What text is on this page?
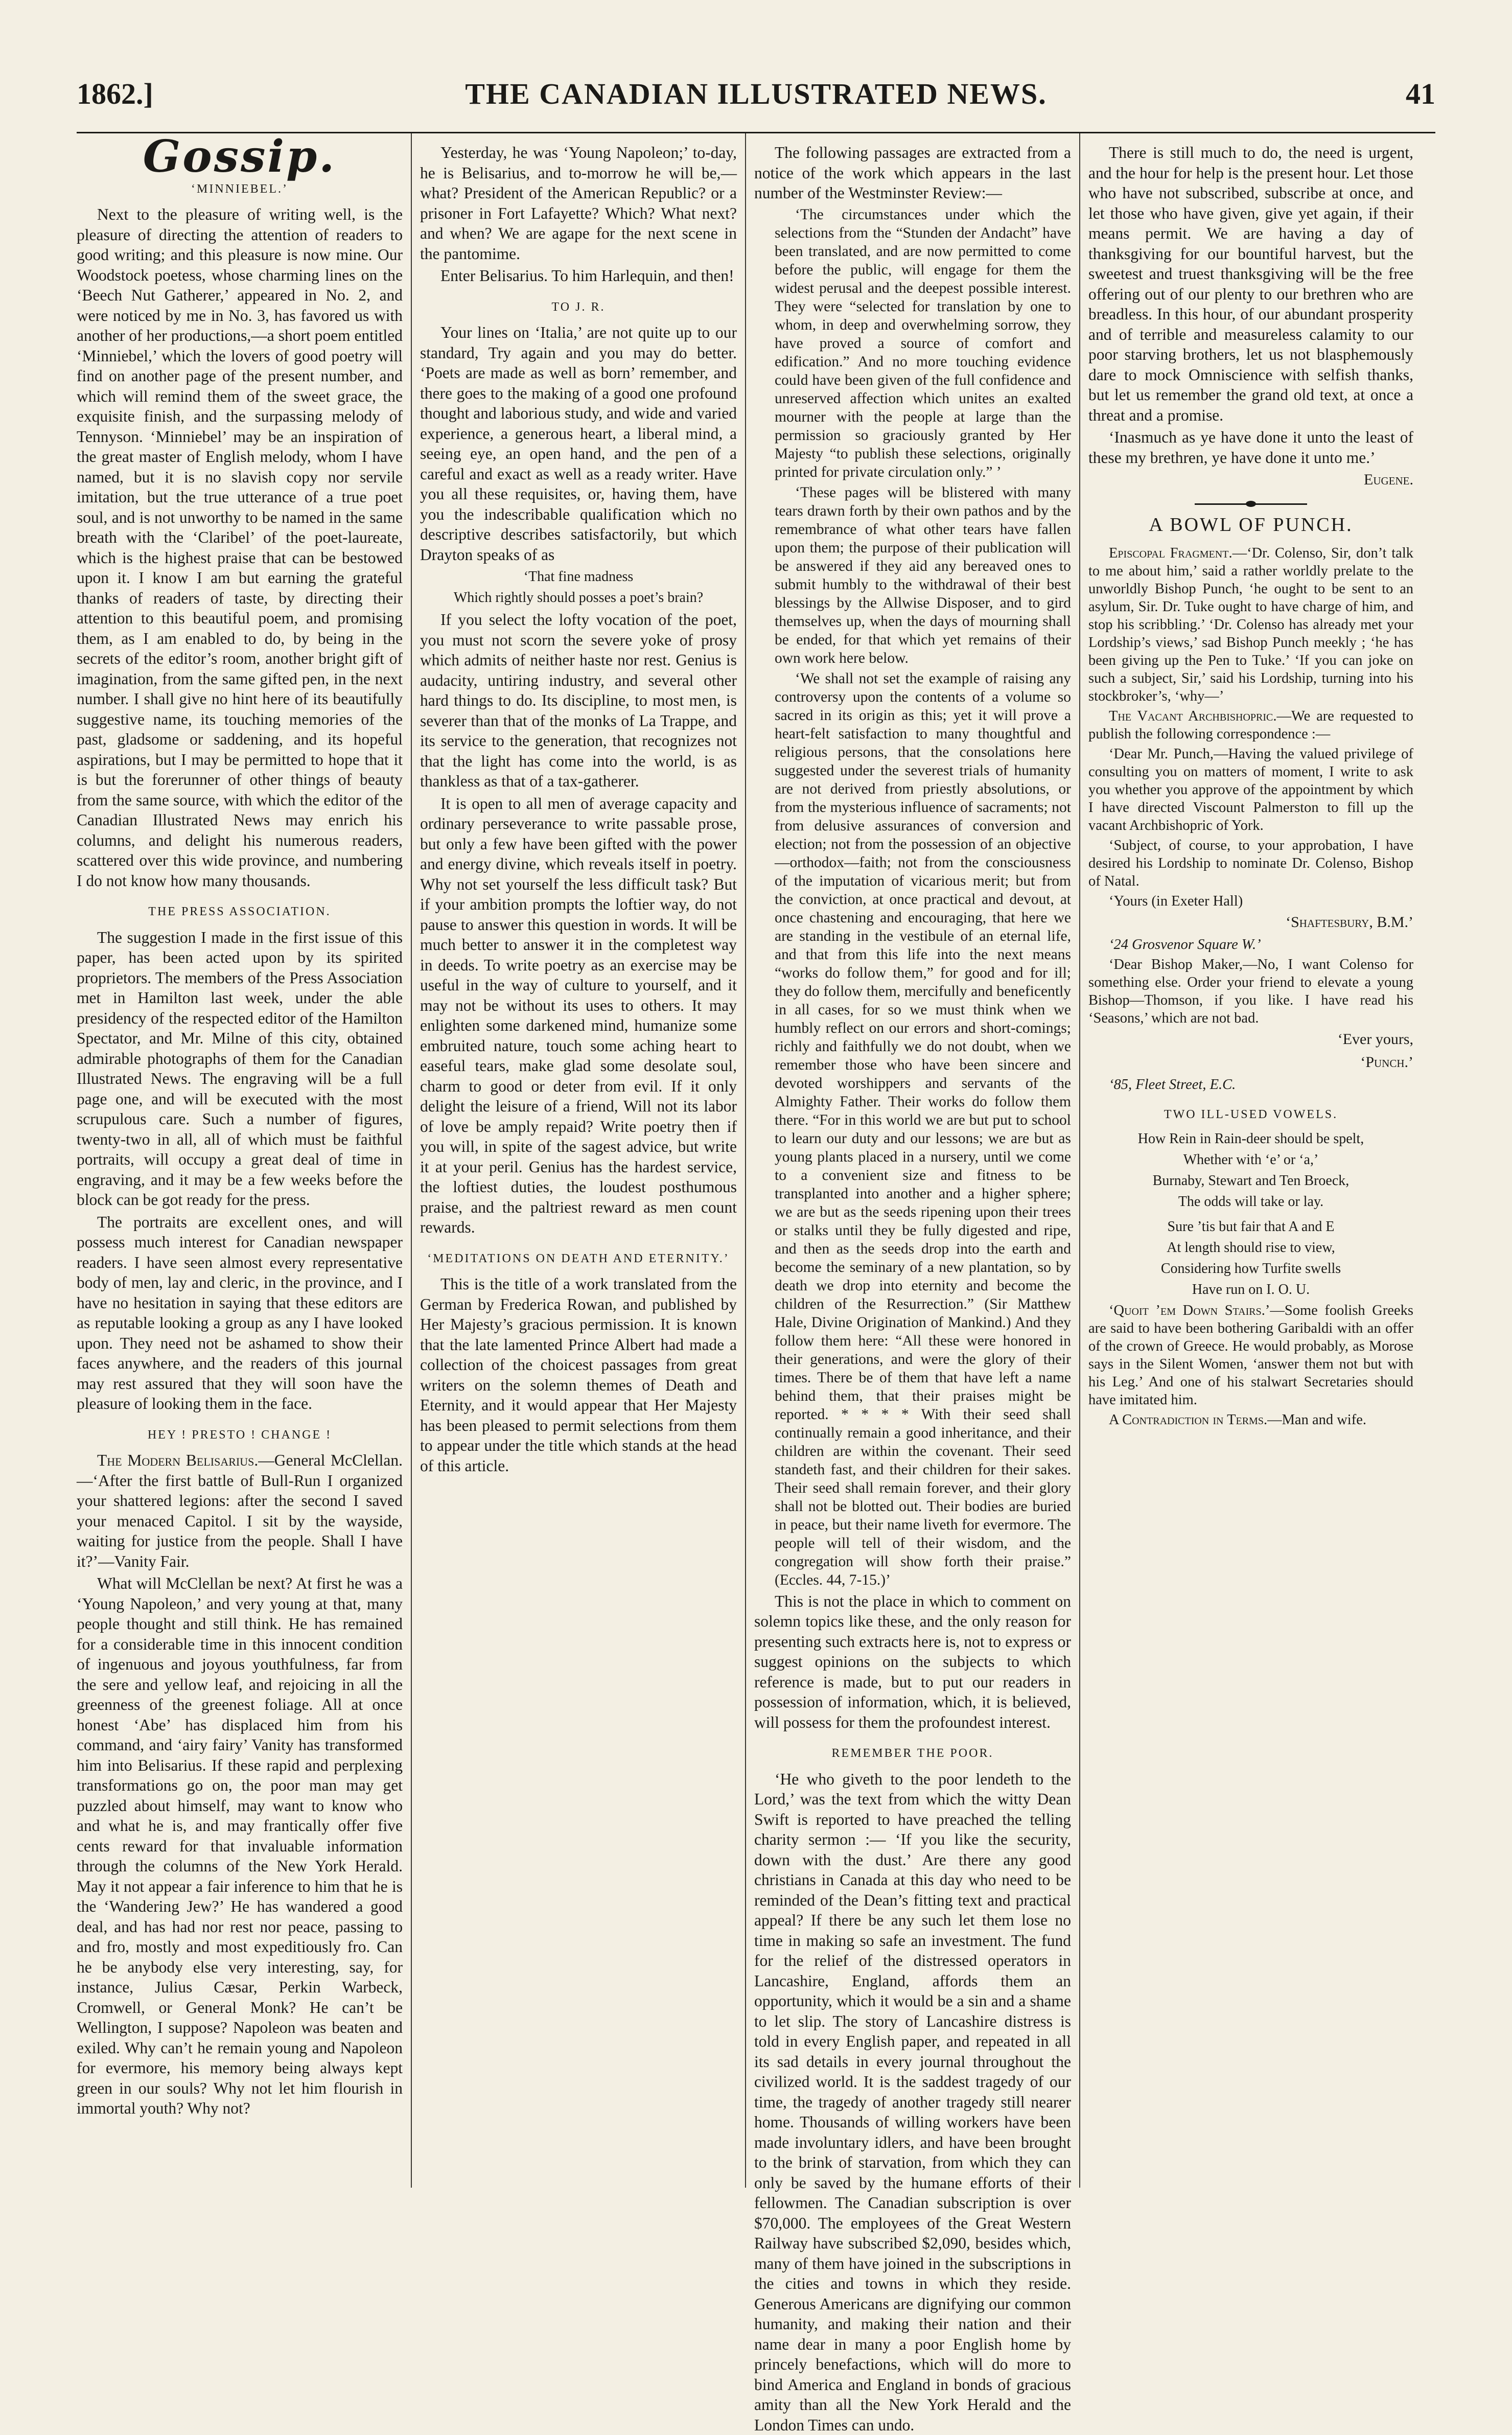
1862.]	THE CANADIAN ILLUSTRATED NEWS.	41
Gossip.
‘MINNIEBEL.’

Next to the pleasure of writing well, is the pleasure of directing the attention of readers to good writing; and this pleasure is now mine. Our Woodstock poetess, whose charming lines on the ‘Beech Nut Gatherer,’ appeared in No. 2, and were noticed by me in No. 3, has favored us with another of her productions,—a short poem entitled ‘Minniebel,’ which the lovers of good poetry will find on another page of the present number, and which will remind them of the sweet grace, the exquisite finish, and the surpassing melody of Tennyson. ‘Minniebel’ may be an inspiration of the great master of English melody, whom I have named, but it is no slavish copy nor servile imitation, but the true utterance of a true poet soul, and is not unworthy to be named in the same breath with the ‘Claribel’ of the poet-laureate, which is the highest praise that can be bestowed upon it. I know I am but earning the grateful thanks of readers of taste, by directing their attention to this beautiful poem, and promising them, as I am enabled to do, by being in the secrets of the editor’s room, another bright gift of imagination, from the same gifted pen, in the next number. I shall give no hint here of its beautifully suggestive name, its touching memories of the past, gladsome or saddening, and its hopeful aspirations, but I may be permitted to hope that it is but the forerunner of other things of beauty from the same source, with which the editor of the Canadian Illustrated News may enrich his columns, and delight his numerous readers, scattered over this wide province, and numbering I do not know how many thousands.

THE PRESS ASSOCIATION.

The suggestion I made in the first issue of this paper, has been acted upon by its spirited proprietors. The members of the Press Association met in Hamilton last week, under the able presidency of the respected editor of the Hamilton Spectator, and Mr. Milne of this city, obtained admirable photographs of them for the Canadian Illustrated News. The engraving will be a full page one, and will be executed with the most scrupulous care. Such a number of figures, twenty-two in all, all of which must be faithful portraits, will occupy a great deal of time in engraving, and it may be a few weeks before the block can be got ready for the press.

The portraits are excellent ones, and will possess much interest for Canadian newspaper readers. I have seen almost every representative body of men, lay and cleric, in the province, and I have no hesitation in saying that these editors are as reputable looking a group as any I have looked upon. They need not be ashamed to show their faces anywhere, and the readers of this journal may rest assured that they will soon have the pleasure of looking them in the face.

HEY ! PRESTO ! CHANGE !

The Modern Belisarius.—General McClellan.—‘After the first battle of Bull-Run I organized your shattered legions: after the second I saved your menaced Capitol. I sit by the wayside, waiting for justice from the people. Shall I have it?’—Vanity Fair.

What will McClellan be next? At first he was a ‘Young Napoleon,’ and very young at that, many people thought and still think. He has remained for a considerable time in this innocent condition of ingenuous and joyous youthfulness, far from the sere and yellow leaf, and rejoicing in all the greenness of the greenest foliage. All at once honest ‘Abe’ has displaced him from his command, and ‘airy fairy’ Vanity has transformed him into Belisarius. If these rapid and perplexing transformations go on, the poor man may get puzzled about himself, may want to know who and what he is, and may frantically offer five cents reward for that invaluable information through the columns of the New York Herald. May it not appear a fair inference to him that he is the ‘Wandering Jew?’ He has wandered a good deal, and has had nor rest nor peace, passing to and fro, mostly and most expeditiously fro. Can he be anybody else very interesting, say, for instance, Julius Cæsar, Perkin Warbeck, Cromwell, or General Monk? He can’t be Wellington, I suppose? Napoleon was beaten and exiled. Why can’t he remain young and Napoleon for evermore, his memory being always kept green in our souls? Why not let him flourish in immortal youth? Why not?

Yesterday, he was ‘Young Napoleon;’ to-day, he is Belisarius, and to-morrow he will be,—what? President of the American Republic? or a prisoner in Fort Lafayette? Which? What next? and when? We are agape for the next scene in the pantomime.

Enter Belisarius. To him Harlequin, and then!

TO J. R.

Your lines on ‘Italia,’ are not quite up to our standard, Try again and you may do better. ‘Poets are made as well as born’ remember, and there goes to the making of a good one profound thought and laborious study, and wide and varied experience, a generous heart, a liberal mind, a seeing eye, an open hand, and the pen of a careful and exact as well as a ready writer. Have you all these requisites, or, having them, have you the indescribable qualification which no descriptive describes satisfactorily, but which Drayton speaks of as

‘That fine madness
Which rightly should posses a poet’s brain?

If you select the lofty vocation of the poet, you must not scorn the severe yoke of prosy which admits of neither haste nor rest. Genius is audacity, untiring industry, and several other hard things to do. Its discipline, to most men, is severer than that of the monks of La Trappe, and its service to the generation, that recognizes not that the light has come into the world, is as thankless as that of a tax-gatherer.

It is open to all men of average capacity and ordinary perseverance to write passable prose, but only a few have been gifted with the power and energy divine, which reveals itself in poetry. Why not set yourself the less difficult task? But if your ambition prompts the loftier way, do not pause to answer this question in words. It will be much better to answer it in the completest way in deeds. To write poetry as an exercise may be useful in the way of culture to yourself, and it may not be without its uses to others. It may enlighten some darkened mind, humanize some embruited nature, touch some aching heart to easeful tears, make glad some desolate soul, charm to good or deter from evil. If it only delight the leisure of a friend, Will not its labor of love be amply repaid? Write poetry then if you will, in spite of the sagest advice, but write it at your peril. Genius has the hardest service, the loftiest duties, the loudest posthumous praise, and the paltriest reward as men count rewards.

‘MEDITATIONS ON DEATH AND ETERNITY.’

This is the title of a work translated from the German by Frederica Rowan, and published by Her Majesty’s gracious permission. It is known that the late lamented Prince Albert had made a collection of the choicest passages from great writers on the solemn themes of Death and Eternity, and it would appear that Her Majesty has been pleased to permit selections from them to appear under the title which stands at the head of this article.

The following passages are extracted from a notice of the work which appears in the last number of the Westminster Review:—

‘The circumstances under which the selections from the “Stunden der Andacht” have been translated, and are now permitted to come before the public, will engage for them the widest perusal and the deepest possible interest. They were “selected for translation by one to whom, in deep and overwhelming sorrow, they have proved a source of comfort and edification.” And no more touching evidence could have been given of the full confidence and unreserved affection which unites an exalted mourner with the people at large than the permission so graciously granted by Her Majesty “to publish these selections, originally printed for private circulation only.” ’

‘These pages will be blistered with many tears drawn forth by their own pathos and by the remembrance of what other tears have fallen upon them; the purpose of their publication will be answered if they aid any bereaved ones to submit humbly to the withdrawal of their best blessings by the Allwise Disposer, and to gird themselves up, when the days of mourning shall be ended, for that which yet remains of their own work here below.

‘We shall not set the example of raising any controversy upon the contents of a volume so sacred in its origin as this; yet it will prove a heart-felt satisfaction to many thoughtful and religious persons, that the consolations here suggested under the severest trials of humanity are not derived from priestly absolutions, or from the mysterious influence of sacraments; not from delusive assurances of conversion and election; not from the possession of an objective—orthodox—faith; not from the consciousness of the imputation of vicarious merit; but from the conviction, at once practical and devout, at once chastening and encouraging, that here we are standing in the vestibule of an eternal life, and that from this life into the next means “works do follow them,” for good and for ill; they do follow them, mercifully and beneficently in all cases, for so we must think when we humbly reflect on our errors and short-comings; richly and faithfully we do not doubt, when we remember those who have been sincere and devoted worshippers and servants of the Almighty Father. Their works do follow them there. “For in this world we are but put to school to learn our duty and our lessons; we are but as young plants placed in a nursery, until we come to a convenient size and fitness to be transplanted into another and a higher sphere; we are but as the seeds ripening upon their trees or stalks until they be fully digested and ripe, and then as the seeds drop into the earth and become the seminary of a new plantation, so by death we drop into eternity and become the children of the Resurrection.” (Sir Matthew Hale, Divine Origination of Mankind.) And they follow them here: “All these were honored in their generations, and were the glory of their times. There be of them that have left a name behind them, that their praises might be reported. * * * * With their seed shall continually remain a good inheritance, and their children are within the covenant. Their seed standeth fast, and their children for their sakes. Their seed shall remain forever, and their glory shall not be blotted out. Their bodies are buried in peace, but their name liveth for evermore. The people will tell of their wisdom, and the congregation will show forth their praise.” (Eccles. 44, 7-15.)’

This is not the place in which to comment on solemn topics like these, and the only reason for presenting such extracts here is, not to express or suggest opinions on the subjects to which reference is made, but to put our readers in possession of information, which, it is believed, will possess for them the profoundest interest.

REMEMBER THE POOR.

‘He who giveth to the poor lendeth to the Lord,’ was the text from which the witty Dean Swift is reported to have preached the telling charity sermon :— ‘If you like the security, down with the dust.’ Are there any good christians in Canada at this day who need to be reminded of the Dean’s fitting text and practical appeal? If there be any such let them lose no time in making so safe an investment. The fund for the relief of the distressed operators in Lancashire, England, affords them an opportunity, which it would be a sin and a shame to let slip. The story of Lancashire distress is told in every English paper, and repeated in all its sad details in every journal throughout the civilized world. It is the saddest tragedy of our time, the tragedy of another tragedy still nearer home. Thousands of willing workers have been made involuntary idlers, and have been brought to the brink of starvation, from which they can only be saved by the humane efforts of their fellowmen. The Canadian subscription is over $70,000. The employees of the Great Western Railway have subscribed $2,090, besides which, many of them have joined in the subscriptions in the cities and towns in which they reside. Generous Americans are dignifying our common humanity, and making their nation and their name dear in many a poor English home by princely benefactions, which will do more to bind America and England in bonds of gracious amity than all the New York Herald and the London Times can undo.

There is still much to do, the need is urgent, and the hour for help is the present hour. Let those who have not subscribed, subscribe at once, and let those who have given, give yet again, if their means permit. We are having a day of thanksgiving for our bountiful harvest, but the sweetest and truest thanksgiving will be the free offering out of our plenty to our brethren who are breadless. In this hour, of our abundant prosperity and of terrible and measureless calamity to our poor starving brothers, let us not blasphemously dare to mock Omniscience with selfish thanks, but let us remember the grand old text, at once a threat and a promise.

‘Inasmuch as ye have done it unto the least of these my brethren, ye have done it unto me.’

Eugene.
A BOWL OF PUNCH.

Episcopal Fragment.—‘Dr. Colenso, Sir, don’t talk to me about him,’ said a rather worldly prelate to the unworldly Bishop Punch, ‘he ought to be sent to an asylum, Sir. Dr. Tuke ought to have charge of him, and stop his scribbling.’ ‘Dr. Colenso has already met your Lordship’s views,’ sad Bishop Punch meekly ; ‘he has been giving up the Pen to Tuke.’ ‘If you can joke on such a subject, Sir,’ said his Lordship, turning into his stockbroker’s, ‘why—’

The Vacant Archbishopric.—We are requested to publish the following correspondence :—

‘Dear Mr. Punch,—Having the valued privilege of consulting you on matters of moment, I write to ask you whether you approve of the appointment by which I have directed Viscount Palmerston to fill up the vacant Archbishopric of York.

‘Subject, of course, to your approbation, I have desired his Lordship to nominate Dr. Colenso, Bishop of Natal.

‘Yours (in Exeter Hall)

‘Shaftesbury, B.M.’

‘24 Grosvenor Square W.’

‘Dear Bishop Maker,—No, I want Colenso for something else. Order your friend to elevate a young Bishop—Thomson, if you like. I have read his ‘Seasons,’ which are not bad.

‘Ever yours,
‘Punch.’

‘85, Fleet Street, E.C.

TWO ILL-USED VOWELS.
How Rein in Rain-deer should be spelt,
Whether with ‘e’ or ‘a,’
Burnaby, Stewart and Ten Broeck,
The odds will take or lay.
Sure ’tis but fair that A and E
At length should rise to view,
Considering how Turfite swells
Have run on I. O. U.

‘Quoit ’em Down Stairs.’—Some foolish Greeks are said to have been bothering Garibaldi with an offer of the crown of Greece. He would probably, as Morose says in the Silent Women, ‘answer them not but with his Leg.’ And one of his stalwart Secretaries should have imitated him.

A Contradiction in Terms.—Man and wife.
